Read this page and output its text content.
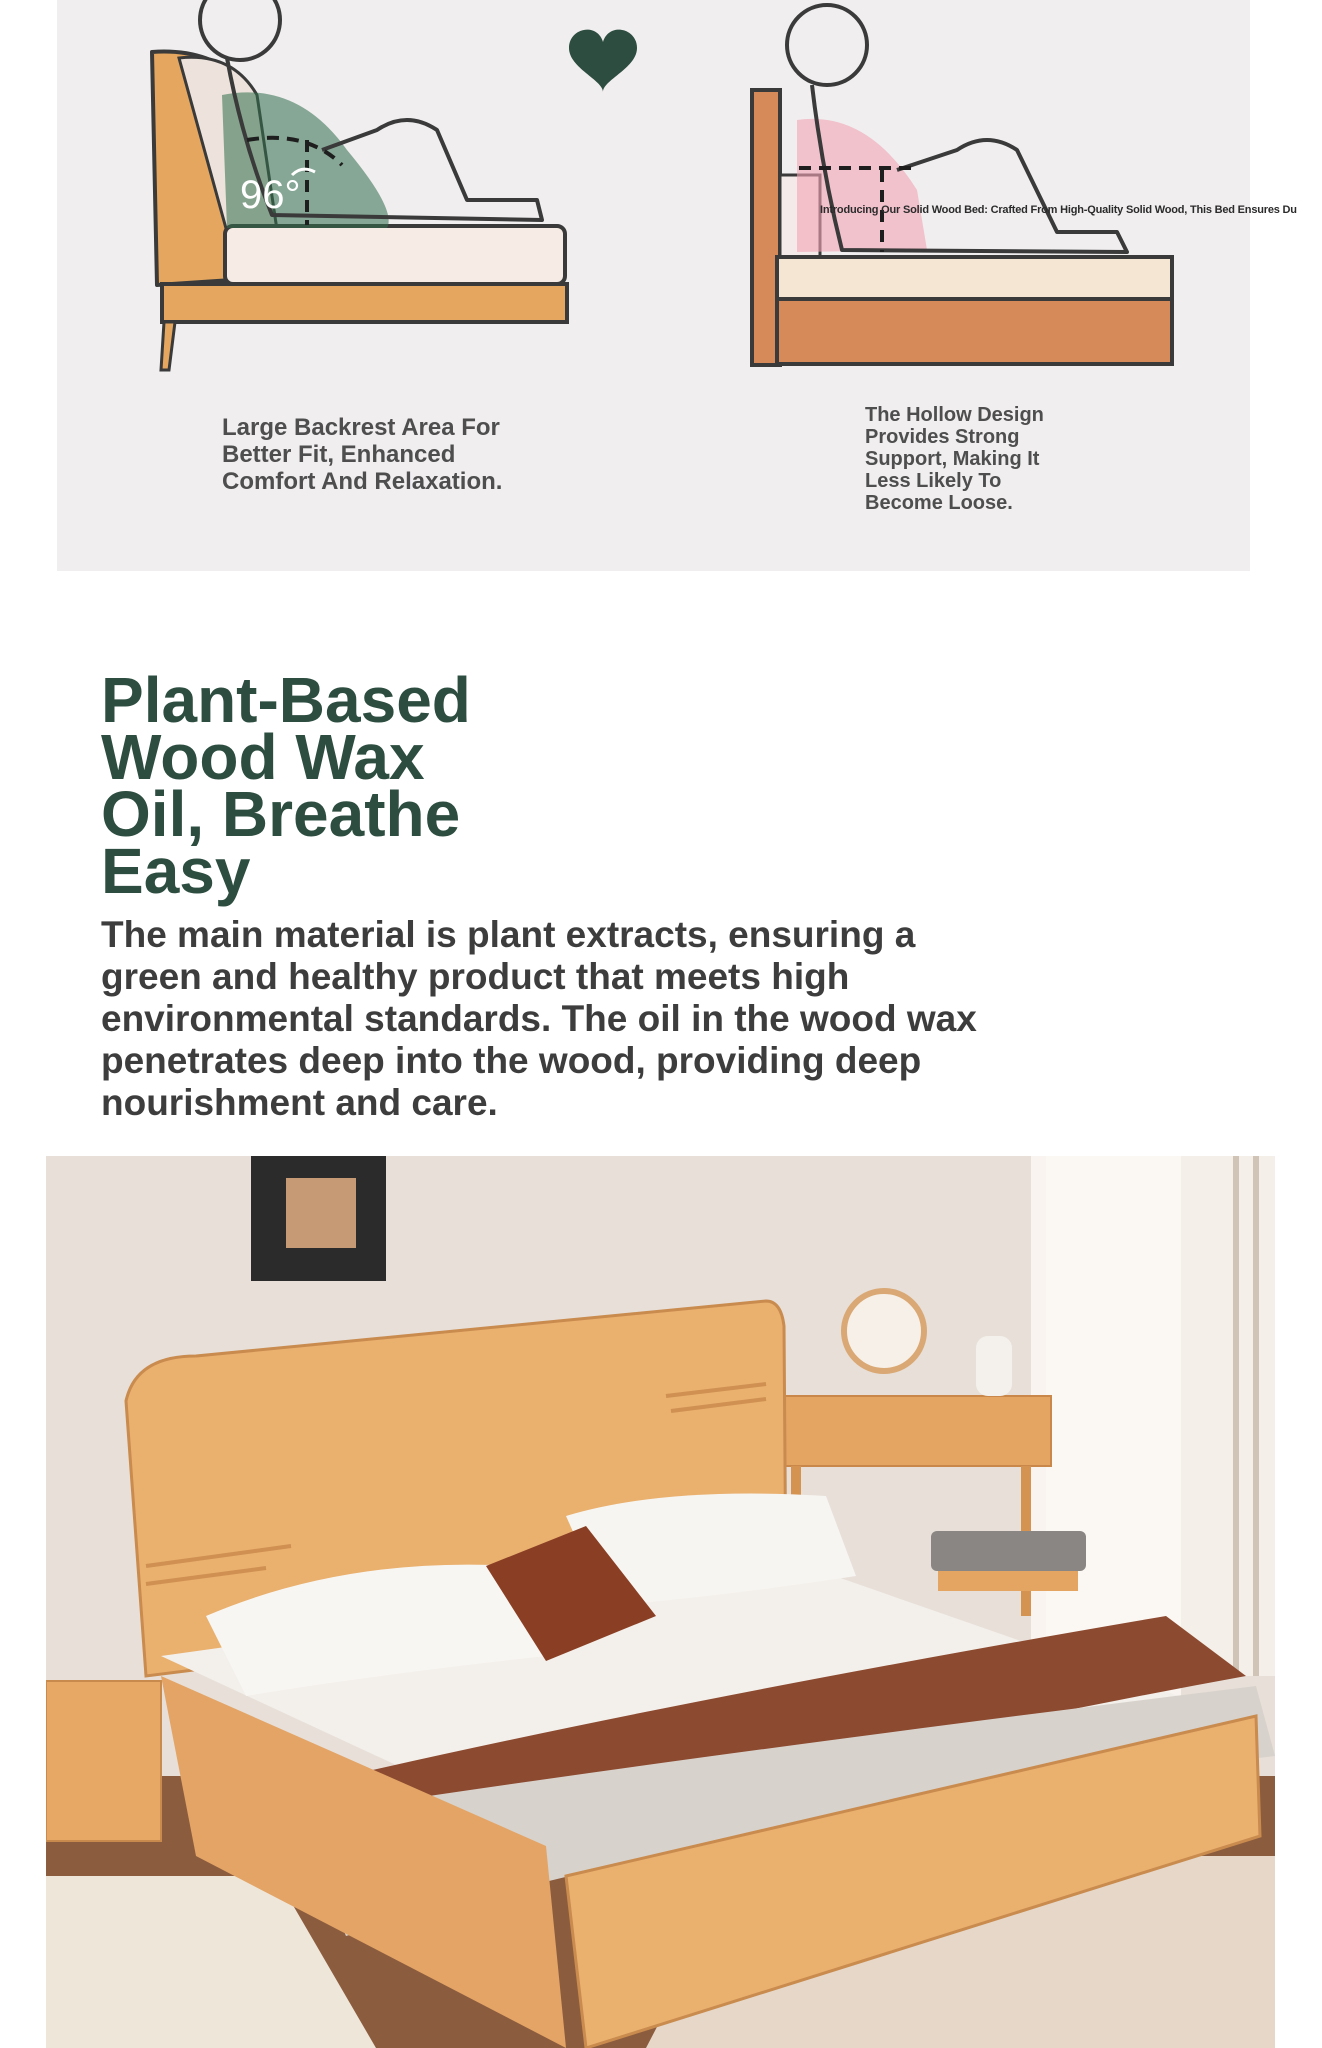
96°

Large Backrest Area For Better Fit, Enhanced Comfort And Relaxation.

The Hollow Design Provides Strong Support, Making It Less Likely To Become Loose.

Introducing Our Solid Wood Bed: Crafted From High-Quality Solid Wood, This Bed Ensures Du
Plant-Based Wood Wax Oil, Breathe Easy

The main material is plant extracts, ensuring a green and healthy product that meets high environmental standards. The oil in the wood wax penetrates deep into the wood, providing deep nourishment and care.
